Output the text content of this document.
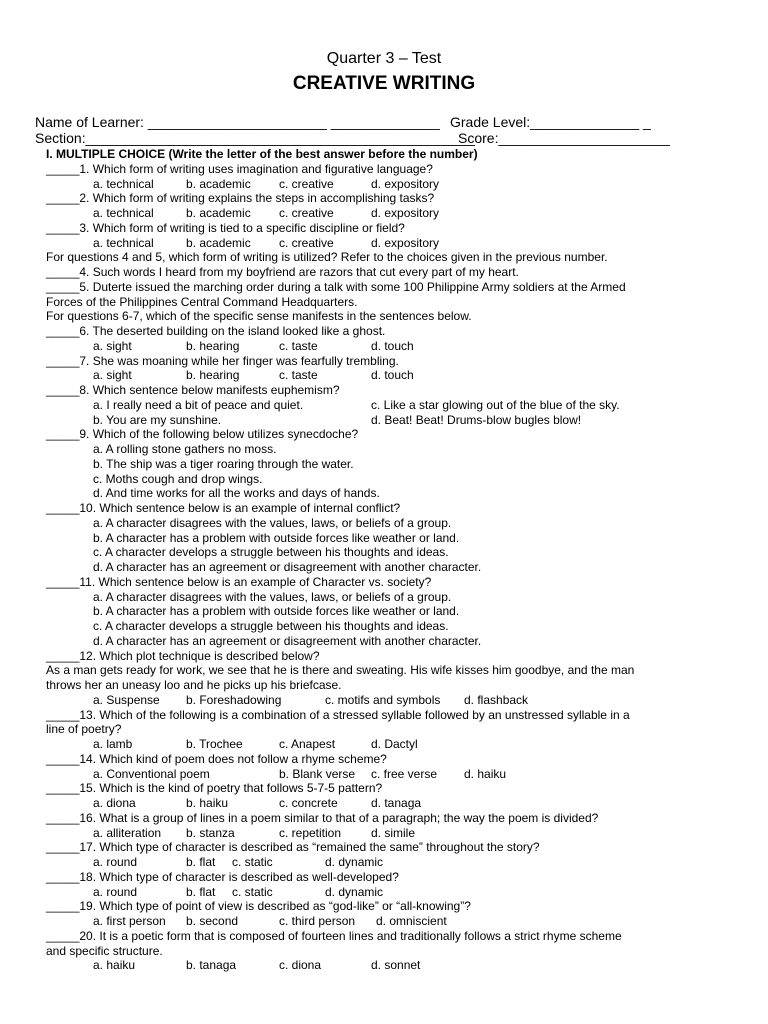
Quarter 3 – Test
CREATIVE WRITING
Name of Learner: _______________________ ______________ Grade Level:______________ _
Section:__________________________________________________
Score:______________________
I. MULTIPLE CHOICE (Write the letter of the best answer before the number)
_____1. Which form of writing uses imagination and figurative language?
a. technical	b. academic c. creative	d. expository
_____2. Which form of writing explains the steps in accomplishing tasks?
a. technical	b. academic c. creative	d. expository
_____3. Which form of writing is tied to a specific discipline or field?
a. technical	b. academic c. creative	d. expository
For questions 4 and 5, which form of writing is utilized? Refer to the choices given in the previous number.
_____4. Such words I heard from my boyfriend are razors that cut every part of my heart.
_____5. Duterte issued the marching order during a talk with some 100 Philippine Army soldiers at the Armed
Forces of the Philippines Central Command Headquarters.
For questions 6-7, which of the specific sense manifests in the sentences below.
_____6. The deserted building on the island looked like a ghost.
a. sight	b. hearing	c. taste	d. touch
_____7. She was moaning while her finger was fearfully trembling.
a. sight	b. hearing	c. taste	d. touch
_____8. Which sentence below manifests euphemism?
a. I really need a bit of peace and quiet.	c. Like a star glowing out of the blue of the sky.
b. You are my sunshine.	d. Beat! Beat! Drums-blow bugles blow!
_____9. Which of the following below utilizes synecdoche?
a. A rolling stone gathers no moss.
b. The ship was a tiger roaring through the water.
c. Moths cough and drop wings.
d. And time works for all the works and days of hands.
_____10. Which sentence below is an example of internal conflict?
a. A character disagrees with the values, laws, or beliefs of a group.
b. A character has a problem with outside forces like weather or land.
c. A character develops a struggle between his thoughts and ideas.
d. A character has an agreement or disagreement with another character.
_____11. Which sentence below is an example of Character vs. society?
a. A character disagrees with the values, laws, or beliefs of a group.
b. A character has a problem with outside forces like weather or land.
c. A character develops a struggle between his thoughts and ideas.
d. A character has an agreement or disagreement with another character.
_____12. Which plot technique is described below?
As a man gets ready for work, we see that he is there and sweating. His wife kisses him goodbye, and the man
throws her an uneasy loo and he picks up his briefcase.
a. Suspense b. Foreshadowing	c. motifs and symbols d. flashback
_____13. Which of the following is a combination of a stressed syllable followed by an unstressed syllable in a
line of poetry?
a. lamb	b. Trochee	c. Anapest	d. Dactyl
_____14. Which kind of poem does not follow a rhyme scheme?
a. Conventional poem	b. Blank verse c. free verse d. haiku
_____15. Which is the kind of poetry that follows 5-7-5 pattern?
a. diona	b. haiku	c. concrete	d. tanaga
_____16. What is a group of lines in a poem similar to that of a paragraph; the way the poem is divided?
a. alliteration b. stanza	c. repetition d. simile
_____17. Which type of character is described as “remained the same” throughout the story?
a. round	b. flat c. static	d. dynamic
_____18. Which type of character is described as well-developed?
a. round	b. flat c. static	d. dynamic
_____19. Which type of point of view is described as “god-like” or “all-knowing”?
a. first person b. second	c. third person d. omniscient
_____20. It is a poetic form that is composed of fourteen lines and traditionally follows a strict rhyme scheme
and specific structure.
a. haiku	b. tanaga	c. diona	d. sonnet
